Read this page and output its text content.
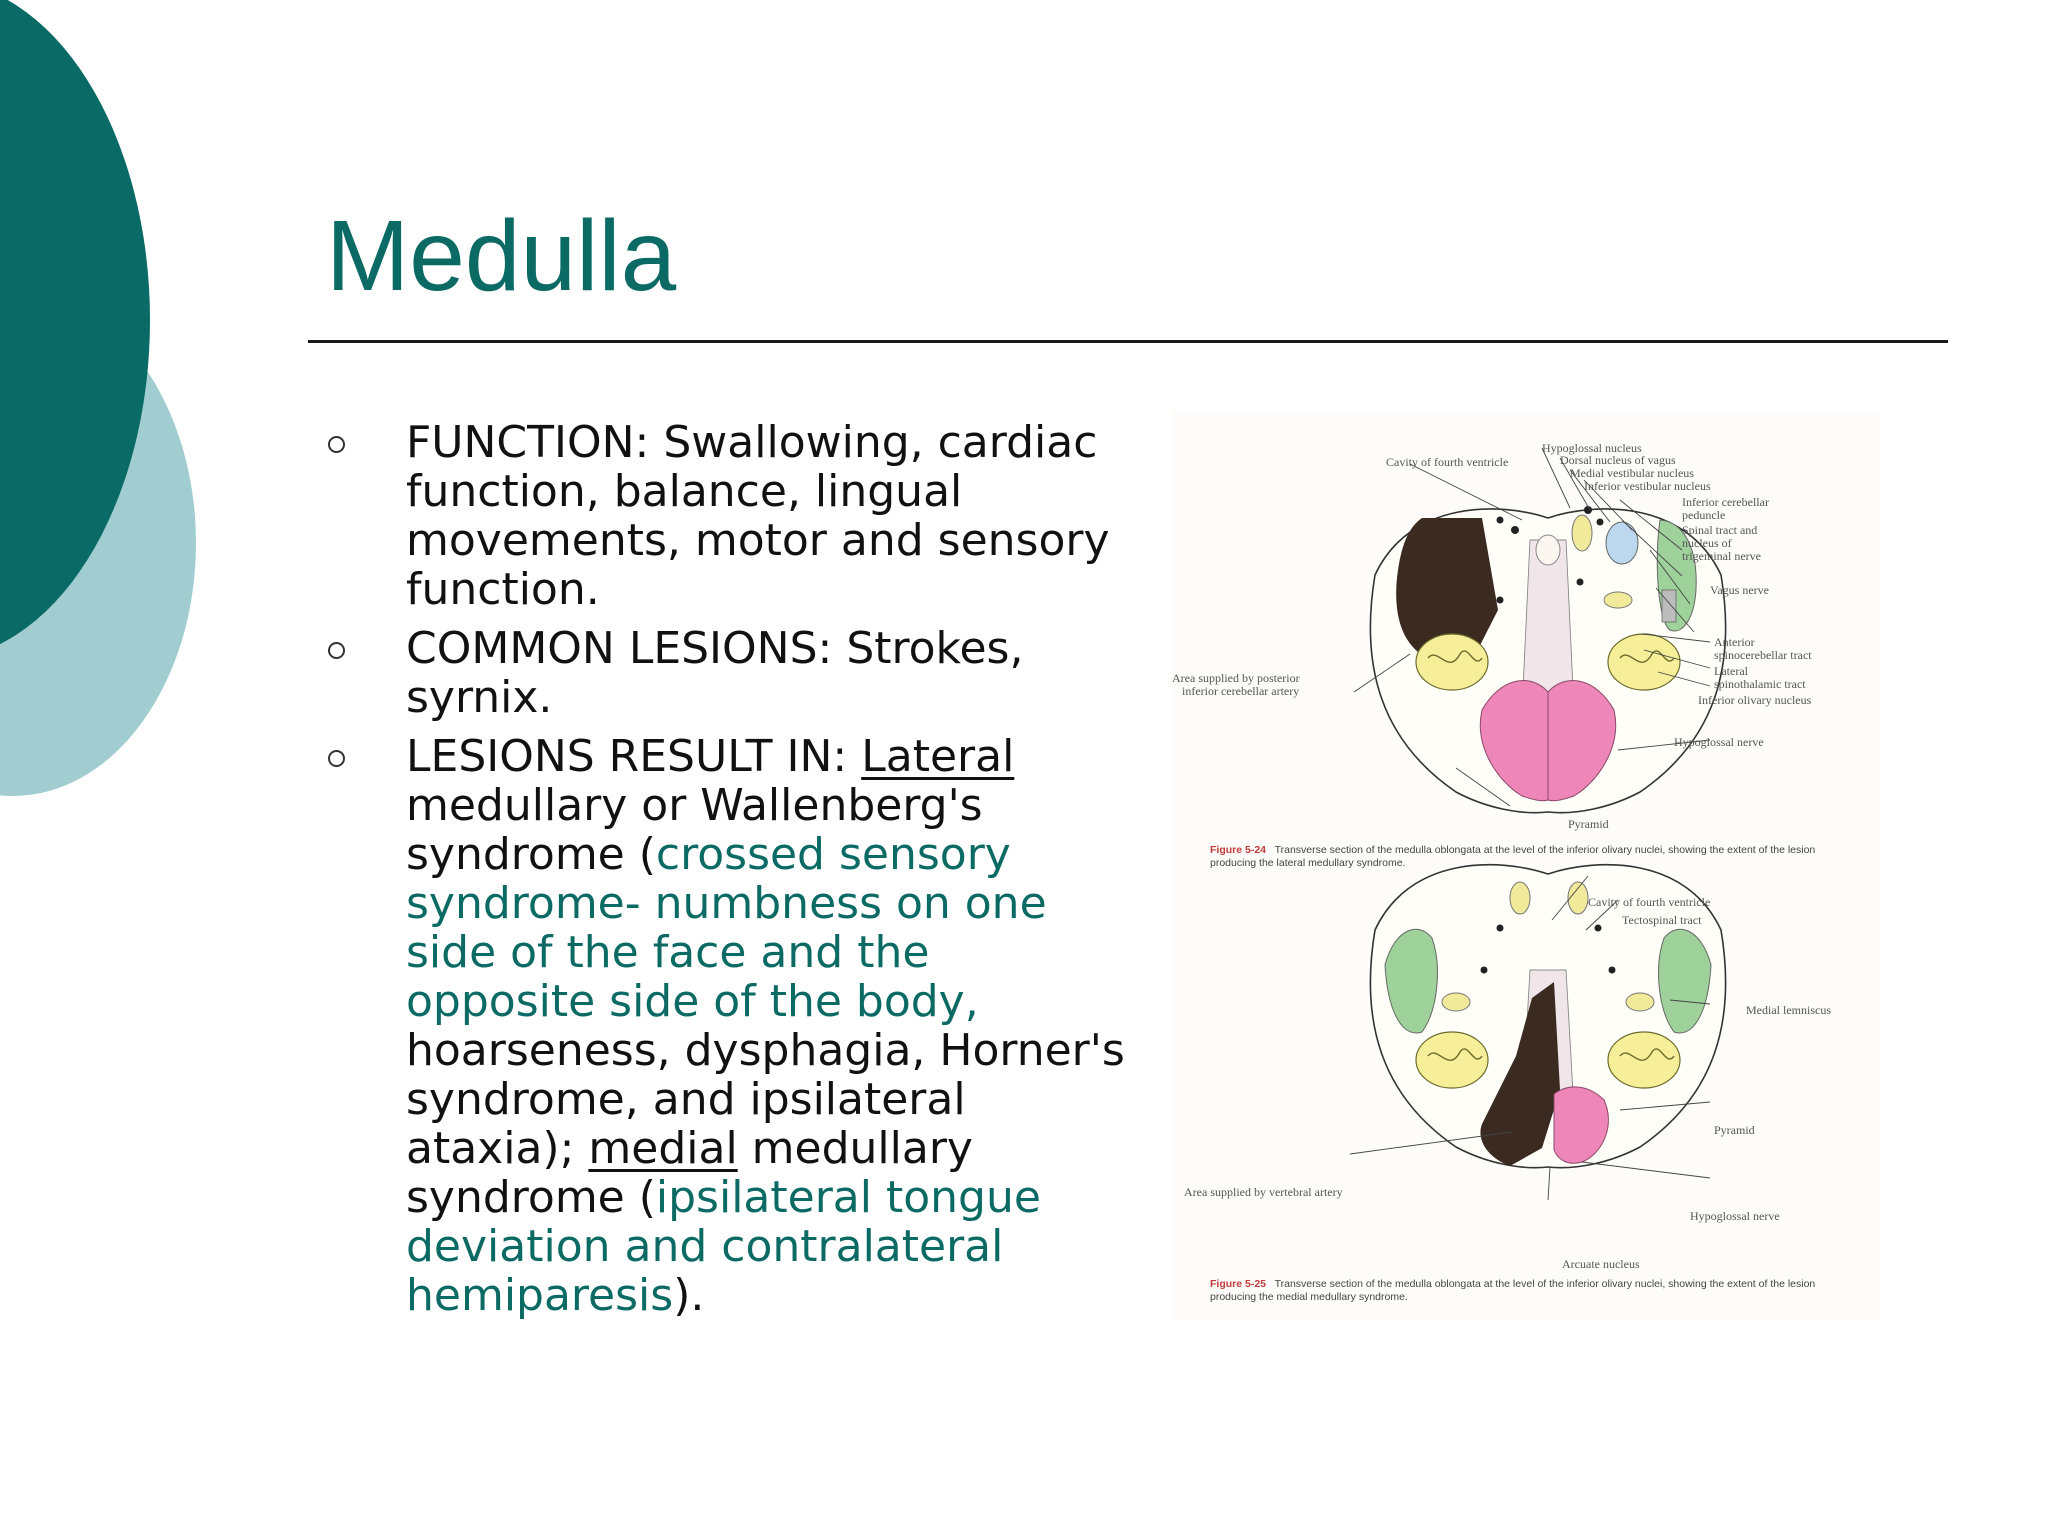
Medulla
FUNCTION: Swallowing, cardiac function, balance, lingual movements, motor and sensory function.
COMMON LESIONS: Strokes, syrnix.
LESIONS RESULT IN: Lateral medullary or Wallenberg's syndrome (crossed sensory syndrome- numbness on one side of the face and the opposite side of the body, hoarseness, dysphagia, Horner's syndrome, and ipsilateral ataxia); medial medullary syndrome (ipsilateral tongue deviation and contralateral hemiparesis).
Cavity of fourth ventricle
Hypoglossal nucleus
Dorsal nucleus of vagus
Medial vestibular nucleus
Inferior vestibular nucleus
Inferior cerebellar
peduncle
Spinal tract and
nucleus of
trigeminal nerve
Vagus nerve
Area supplied by posterior
inferior cerebellar artery
Anterior
spinocerebellar tract
Lateral
spinothalamic tract
Inferior olivary nucleus
Hypoglossal nerve
Pyramid
Figure 5-24 Transverse section of the medulla oblongata at the level of the inferior olivary nuclei, showing the extent of the lesion producing the lateral medullary syndrome.
Cavity of fourth ventricle
Tectospinal tract
Medial lemniscus
Pyramid
Area supplied by vertebral artery
Hypoglossal nerve
Arcuate nucleus
Figure 5-25 Transverse section of the medulla oblongata at the level of the inferior olivary nuclei, showing the extent of the lesion producing the medial medullary syndrome.
